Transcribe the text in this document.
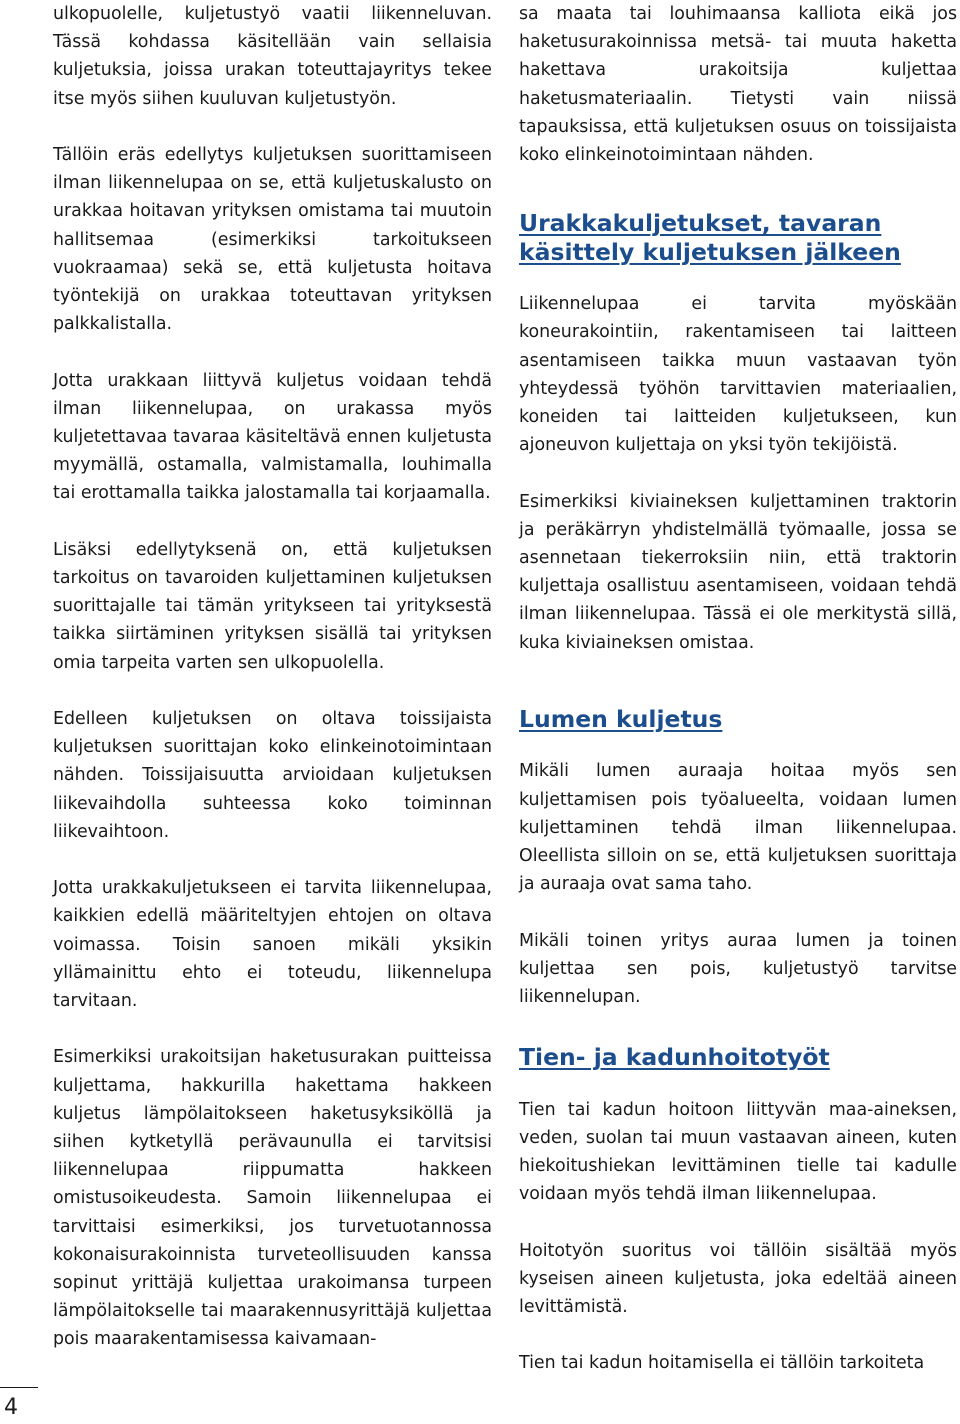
ulkopuolelle, kuljetustyö vaatii liikenneluvan. Tässä kohdassa käsitellään vain sellaisia kuljetuksia, joissa urakan toteuttajayritys tekee itse myös siihen kuuluvan kuljetustyön.

Tällöin eräs edellytys kuljetuksen suorittamiseen ilman liikennelupaa on se, että kuljetuskalusto on urakkaa hoitavan yrityksen omistama tai muutoin hallitsemaa (esimerkiksi tarkoitukseen vuokraamaa) sekä se, että kuljetusta hoitava työntekijä on urakkaa toteuttavan yrityksen palkkalistalla.

Jotta urakkaan liittyvä kuljetus voidaan tehdä ilman liikennelupaa, on urakassa myös kuljetettavaa tavaraa käsiteltävä ennen kuljetusta myymällä, ostamalla, valmistamalla, louhimalla tai erottamalla taikka jalostamalla tai korjaamalla.

Lisäksi edellytyksenä on, että kuljetuksen tarkoitus on tavaroiden kuljettaminen kuljetuksen suorittajalle tai tämän yritykseen tai yrityksestä taikka siirtäminen yrityksen sisällä tai yrityksen omia tarpeita varten sen ulkopuolella.

Edelleen kuljetuksen on oltava toissijaista kuljetuksen suorittajan koko elinkeinotoimintaan nähden. Toissijaisuutta arvioidaan kuljetuksen liikevaihdolla suhteessa koko toiminnan liikevaihtoon.

Jotta urakkakuljetukseen ei tarvita liikennelupaa, kaikkien edellä määriteltyjen ehtojen on oltava voimassa. Toisin sanoen mikäli yksikin yllämainittu ehto ei toteudu, liikennelupa tarvitaan.

Esimerkiksi urakoitsijan haketusurakan puitteissa kuljettama, hakkurilla hakettama hakkeen kuljetus lämpölaitokseen haketusyksiköllä ja siihen kytketyllä perävaunulla ei tarvitsisi liikennelupaa riippumatta hakkeen omistusoikeudesta. Samoin liikennelupaa ei tarvittaisi esimerkiksi, jos turvetuotannossa kokonaisurakoinnista turveteollisuuden kanssa sopinut yrittäjä kuljettaa urakoimansa turpeen lämpölaitokselle tai maarakennusyrittäjä kuljettaa pois maarakentamisessa kaivamaan-

sa maata tai louhimaansa kalliota eikä jos haketusurakoinnissa metsä- tai muuta haketta hakettava urakoitsija kuljettaa haketusmateriaalin. Tietysti vain niissä tapauksissa, että kuljetuksen osuus on toissijaista koko elinkeinotoimintaan nähden.

Urakkakuljetukset, tavaran käsittely kuljetuksen jälkeen

Liikennelupaa ei tarvita myöskään koneurakointiin, rakentamiseen tai laitteen asentamiseen taikka muun vastaavan työn yhteydessä työhön tarvittavien materiaalien, koneiden tai laitteiden kuljetukseen, kun ajoneuvon kuljettaja on yksi työn tekijöistä.

Esimerkiksi kiviaineksen kuljettaminen traktorin ja peräkärryn yhdistelmällä työmaalle, jossa se asennetaan tiekerroksiin niin, että traktorin kuljettaja osallistuu asentamiseen, voidaan tehdä ilman liikennelupaa. Tässä ei ole merkitystä sillä, kuka kiviaineksen omistaa.

Lumen kuljetus

Mikäli lumen auraaja hoitaa myös sen kuljettamisen pois työalueelta, voidaan lumen kuljettaminen tehdä ilman liikennelupaa. Oleellista silloin on se, että kuljetuksen suorittaja ja auraaja ovat sama taho.

Mikäli toinen yritys auraa lumen ja toinen kuljettaa sen pois, kuljetustyö tarvitse liikennelupan.

Tien- ja kadunhoitotyöt

Tien tai kadun hoitoon liittyvän maa-aineksen, veden, suolan tai muun vastaavan aineen, kuten hiekoitushiekan levittäminen tielle tai kadulle voidaan myös tehdä ilman liikennelupaa.

Hoitotyön suoritus voi tällöin sisältää myös kyseisen aineen kuljetusta, joka edeltää aineen levittämistä.

Tien tai kadun hoitamisella ei tällöin tarkoiteta

4
